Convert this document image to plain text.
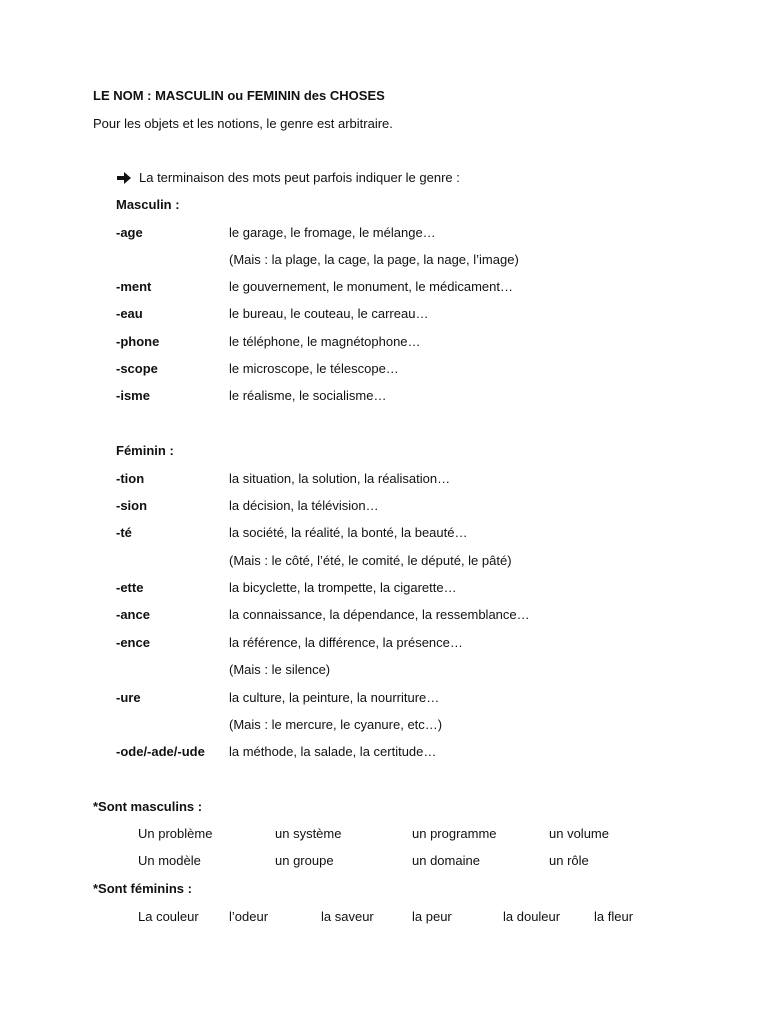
LE NOM : MASCULIN ou FEMININ des CHOSES
Pour les objets et les notions, le genre est arbitraire.
La terminaison des mots peut parfois indiquer le genre :
Masculin :
-age	le garage, le fromage, le mélange…
(Mais : la plage, la cage, la page, la nage, l’image)
-ment	le gouvernement, le monument, le médicament…
-eau	le bureau, le couteau, le carreau…
-phone	le téléphone, le magnétophone…
-scope	le microscope, le télescope…
-isme	le réalisme, le socialisme…
Féminin :
-tion	la situation, la solution, la réalisation…
-sion	la décision, la télévision…
-té	la société, la réalité, la bonté, la beauté…
(Mais : le côté, l’été, le comité, le député, le pâté)
-ette	la bicyclette, la trompette, la cigarette…
-ance	la connaissance, la dépendance, la ressemblance…
-ence	la référence, la différence, la présence…
(Mais : le silence)
-ure	la culture, la peinture, la nourriture…
(Mais : le mercure, le cyanure, etc…)
-ode/-ade/-ude la méthode, la salade, la certitude…
*Sont masculins :
Un problème	un système	un programme	un volume
Un modèle	un groupe	un domaine	un rôle
*Sont féminins :
La couleur l’odeur	la saveur	la peur	la douleur	la fleur
